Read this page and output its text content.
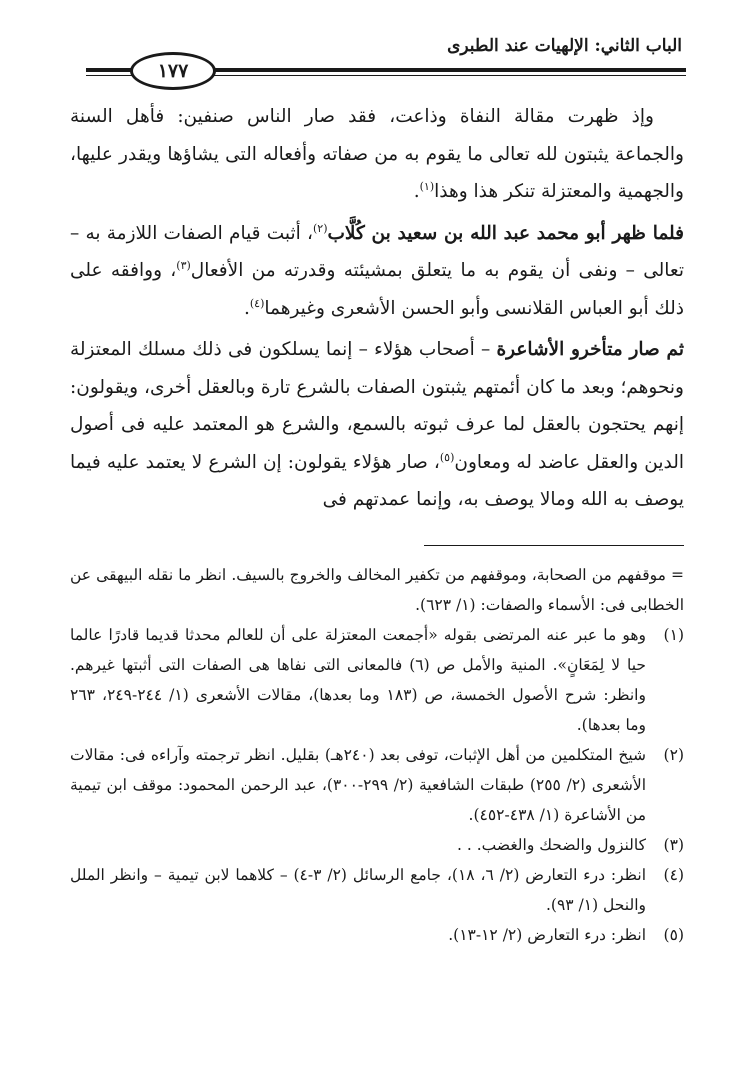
الباب الثاني: الإلهيات عند الطبرى
١٧٧

وإذ ظهرت مقالة النفاة وذاعت، فقد صار الناس صنفين: فأهل السنة والجماعة يثبتون لله تعالى ما يقوم به من صفاته وأفعاله التى يشاؤها ويقدر عليها، والجهمية والمعتزلة تنكر هذا وهذا$^{(١)}$.

فلما ظهر أبو محمد عبد الله بن سعيد بن كُلَّاب$^{(٢)}$، أثبت قيام الصفات اللازمة به – تعالى – ونفى أن يقوم به ما يتعلق بمشيئته وقدرته من الأفعال$^{(٣)}$، ووافقه على ذلك أبو العباس القلانسى وأبو الحسن الأشعرى وغيرهما$^{(٤)}$.

ثم صار متأخرو الأشاعرة – أصحاب هؤلاء – إنما يسلكون فى ذلك مسلك المعتزلة ونحوهم؛ وبعد ما كان أئمتهم يثبتون الصفات بالشرع تارة وبالعقل أخرى، ويقولون: إنهم يحتجون بالعقل لما عرف ثبوته بالسمع، والشرع هو المعتمد عليه فى أصول الدين والعقل عاضد له ومعاون$^{(٥)}$، صار هؤلاء يقولون: إن الشرع لا يعتمد عليه فيما يوصف به الله ومالا يوصف به، وإنما عمدتهم فى

= موقفهم من الصحابة، وموقفهم من تكفير المخالف والخروج بالسيف. انظر ما نقله البيهقى عن الخطابى فى: الأسماء والصفات: (١/ ٦٢٣).
(١)
وهو ما عبر عنه المرتضى بقوله «أجمعت المعتزلة على أن للعالم محدثا قديما قادرًا عالما حيا لا لِمَعَانٍ». المنية والأمل ص (٦) فالمعانى التى نفاها هى الصفات التى أثبتها غيرهم. وانظر: شرح الأصول الخمسة، ص (١٨٣ وما بعدها)، مقالات الأشعرى (١/ ٢٤٤-٢٤٩، ٢٦٣ وما بعدها).
(٢)
شيخ المتكلمين من أهل الإثبات، توفى بعد (٢٤٠هـ) بقليل. انظر ترجمته وآراءه فى: مقالات الأشعرى (٢/ ٢٥٥) طبقات الشافعية (٢/ ٢٩٩-٣٠٠)، عبد الرحمن المحمود: موقف ابن تيمية من الأشاعرة (١/ ٤٣٨-٤٥٢).
(٣)
كالنزول والضحك والغضب. . .
(٤)
انظر: درء التعارض (٢/ ٦، ١٨)، جامع الرسائل (٢/ ٣-٤) – كلاهما لابن تيمية – وانظر الملل والنحل (١/ ٩٣).
(٥)
انظر: درء التعارض (٢/ ١٢-١٣).
